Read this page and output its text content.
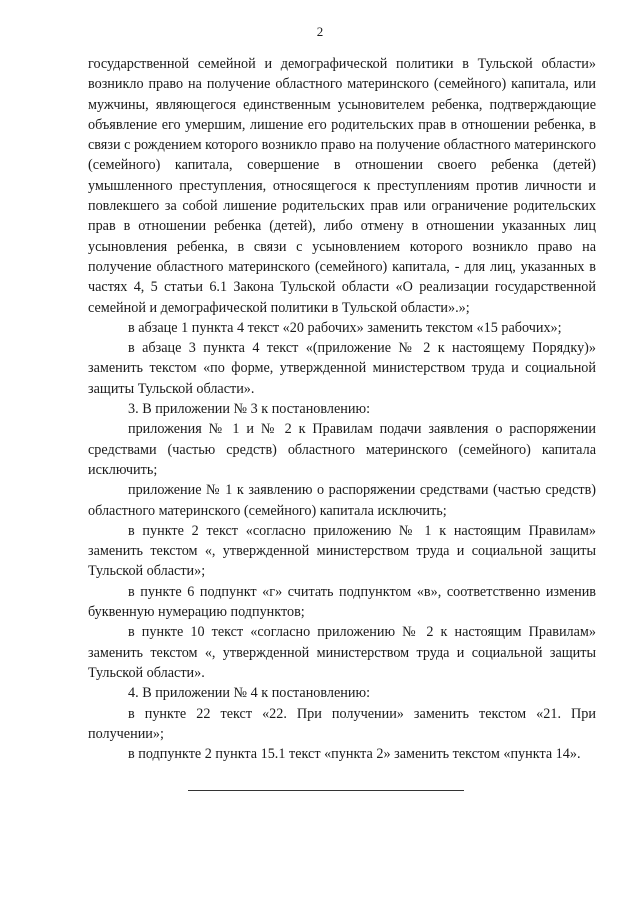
2

государственной семейной и демографической политики в Тульской области» возникло право на получение областного материнского (семейного) капитала, или мужчины, являющегося единственным усыновителем ребенка, подтверждающие объявление его умершим, лишение его родительских прав в отношении ребенка, в связи с рождением которого возникло право на получение областного материнского (семейного) капитала, совершение в отношении своего ребенка (детей) умышленного преступления, относящегося к преступлениям против личности и повлекшего за собой лишение родительских прав или ограничение родительских прав в отношении ребенка (детей), либо отмену в отношении указанных лиц усыновления ребенка, в связи с усыновлением которого возникло право на получение областного материнского (семейного) капитала, - для лиц, указанных в частях 4, 5 статьи 6.1 Закона Тульской области «О реализации государственной семейной и демографической политики в Тульской области».»;

в абзаце 1 пункта 4 текст «20 рабочих» заменить текстом «15 рабочих»;

в абзаце 3 пункта 4 текст «(приложение № 2 к настоящему Порядку)» заменить текстом «по форме, утвержденной министерством труда и социальной защиты Тульской области».

3. В приложении № 3 к постановлению:

приложения № 1 и № 2 к Правилам подачи заявления о распоряжении средствами (частью средств) областного материнского (семейного) капитала исключить;

приложение № 1 к заявлению о распоряжении средствами (частью средств) областного материнского (семейного) капитала исключить;

в пункте 2 текст «согласно приложению № 1 к настоящим Правилам» заменить текстом «, утвержденной министерством труда и социальной защиты Тульской области»;

в пункте 6 подпункт «г» считать подпунктом «в», соответственно изменив буквенную нумерацию подпунктов;

в пункте 10 текст «согласно приложению № 2 к настоящим Правилам» заменить текстом «, утвержденной министерством труда и социальной защиты Тульской области».

4. В приложении № 4 к постановлению:

в пункте 22 текст «22. При получении» заменить текстом «21. При получении»;

в подпункте 2 пункта 15.1 текст «пункта 2» заменить текстом «пункта 14».
